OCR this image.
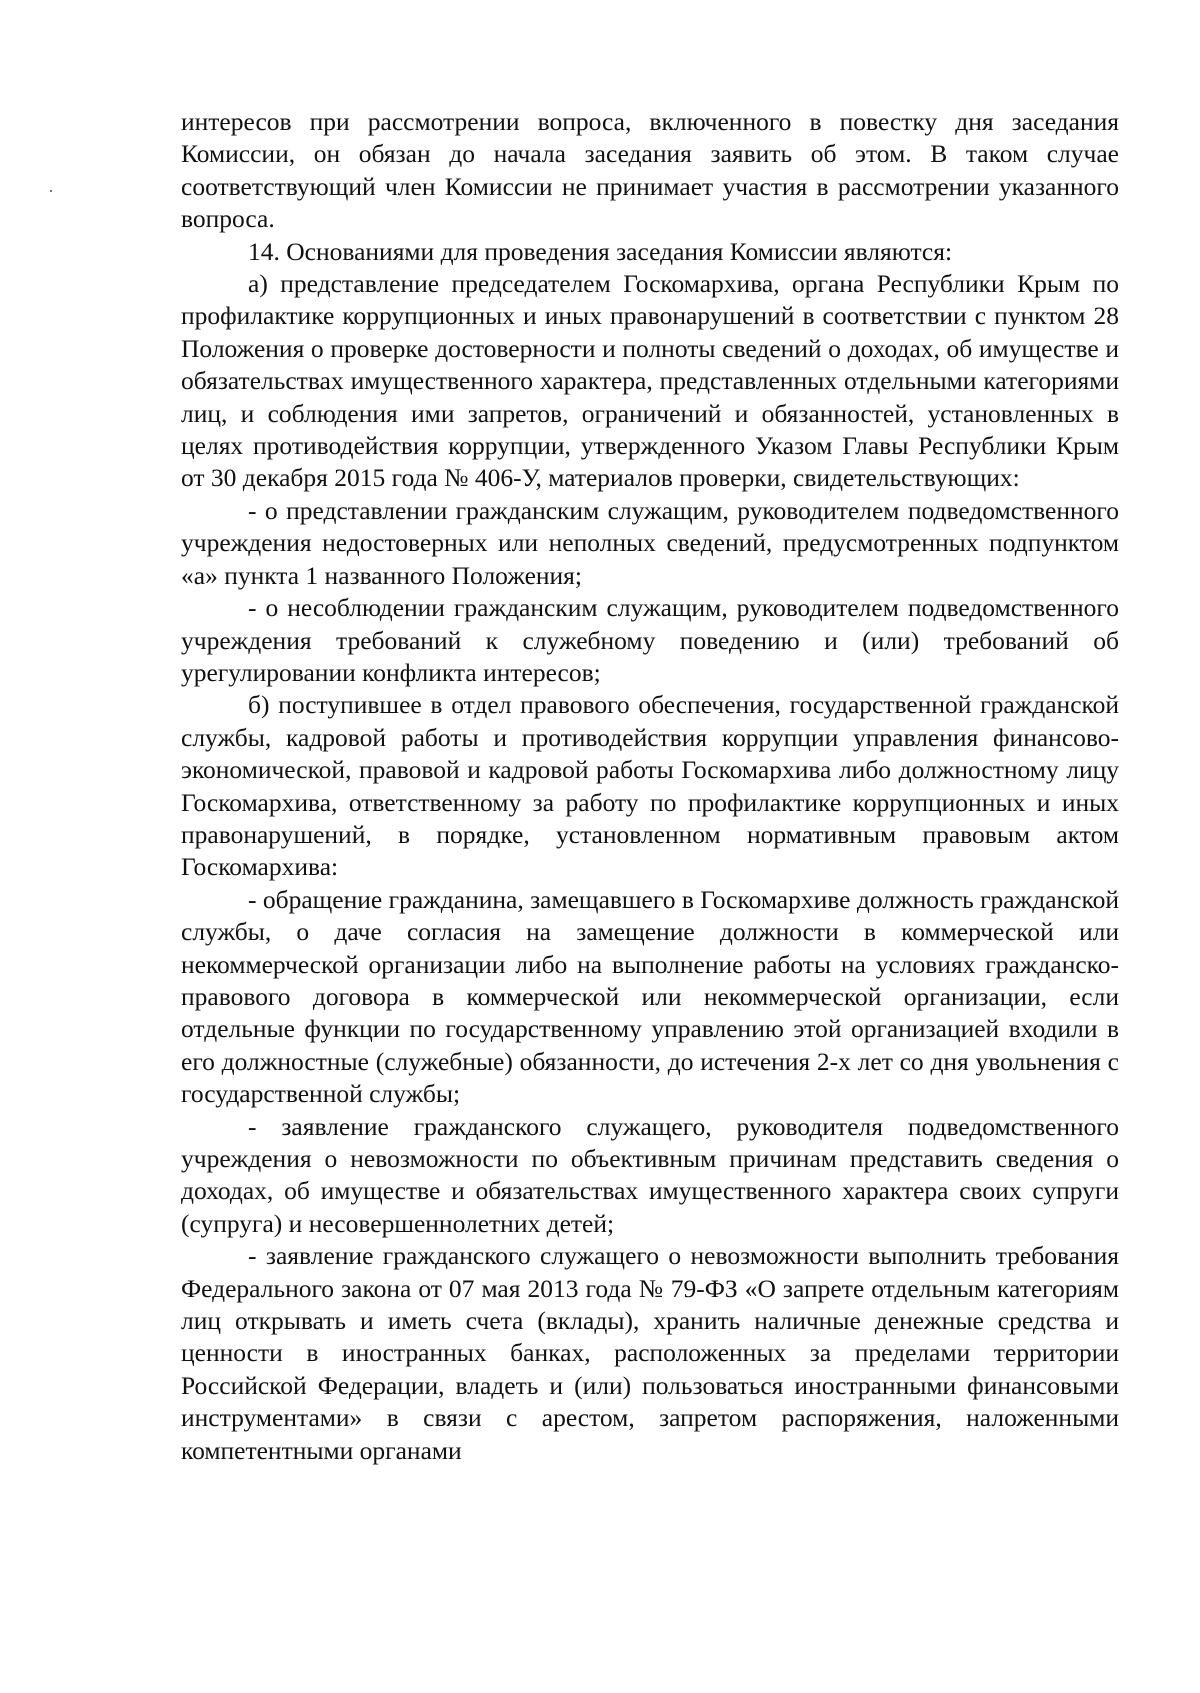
интересов при рассмотрении вопроса, включенного в повестку дня заседания Комиссии, он обязан до начала заседания заявить об этом. В таком случае соответствующий член Комиссии не принимает участия в рассмотрении указанного вопроса.

14. Основаниями для проведения заседания Комиссии являются:

а) представление председателем Госкомархива, органа Республики Крым по профилактике коррупционных и иных правонарушений в соответствии с пунктом 28 Положения о проверке достоверности и полноты сведений о доходах, об имуществе и обязательствах имущественного характера, представленных отдельными категориями лиц, и соблюдения ими запретов, ограничений и обязанностей, установленных в целях противодействия коррупции, утвержденного Указом Главы Республики Крым от 30 декабря 2015 года № 406-У, материалов проверки, свидетельствующих:

- о представлении гражданским служащим, руководителем подведомственного учреждения недостоверных или неполных сведений, предусмотренных подпунктом «а» пункта 1 названного Положения;

- о несоблюдении гражданским служащим, руководителем подведомственного учреждения требований к служебному поведению и (или) требований об урегулировании конфликта интересов;

б) поступившее в отдел правового обеспечения, государственной гражданской службы, кадровой работы и противодействия коррупции управления финансово-экономической, правовой и кадровой работы Госкомархива либо должностному лицу Госкомархива, ответственному за работу по профилактике коррупционных и иных правонарушений, в порядке, установленном нормативным правовым актом Госкомархива:

- обращение гражданина, замещавшего в Госкомархиве должность гражданской службы, о даче согласия на замещение должности в коммерческой или некоммерческой организации либо на выполнение работы на условиях гражданско-правового договора в коммерческой или некоммерческой организации, если отдельные функции по государственному управлению этой организацией входили в его должностные (служебные) обязанности, до истечения 2-х лет со дня увольнения с государственной службы;

- заявление гражданского служащего, руководителя подведомственного учреждения о невозможности по объективным причинам представить сведения о доходах, об имуществе и обязательствах имущественного характера своих супруги (супруга) и несовершеннолетних детей;

- заявление гражданского служащего о невозможности выполнить требования Федерального закона от 07 мая 2013 года № 79-ФЗ «О запрете отдельным категориям лиц открывать и иметь счета (вклады), хранить наличные денежные средства и ценности в иностранных банках, расположенных за пределами территории Российской Федерации, владеть и (или) пользоваться иностранными финансовыми инструментами» в связи с арестом, запретом распоряжения, наложенными компетентными органами
